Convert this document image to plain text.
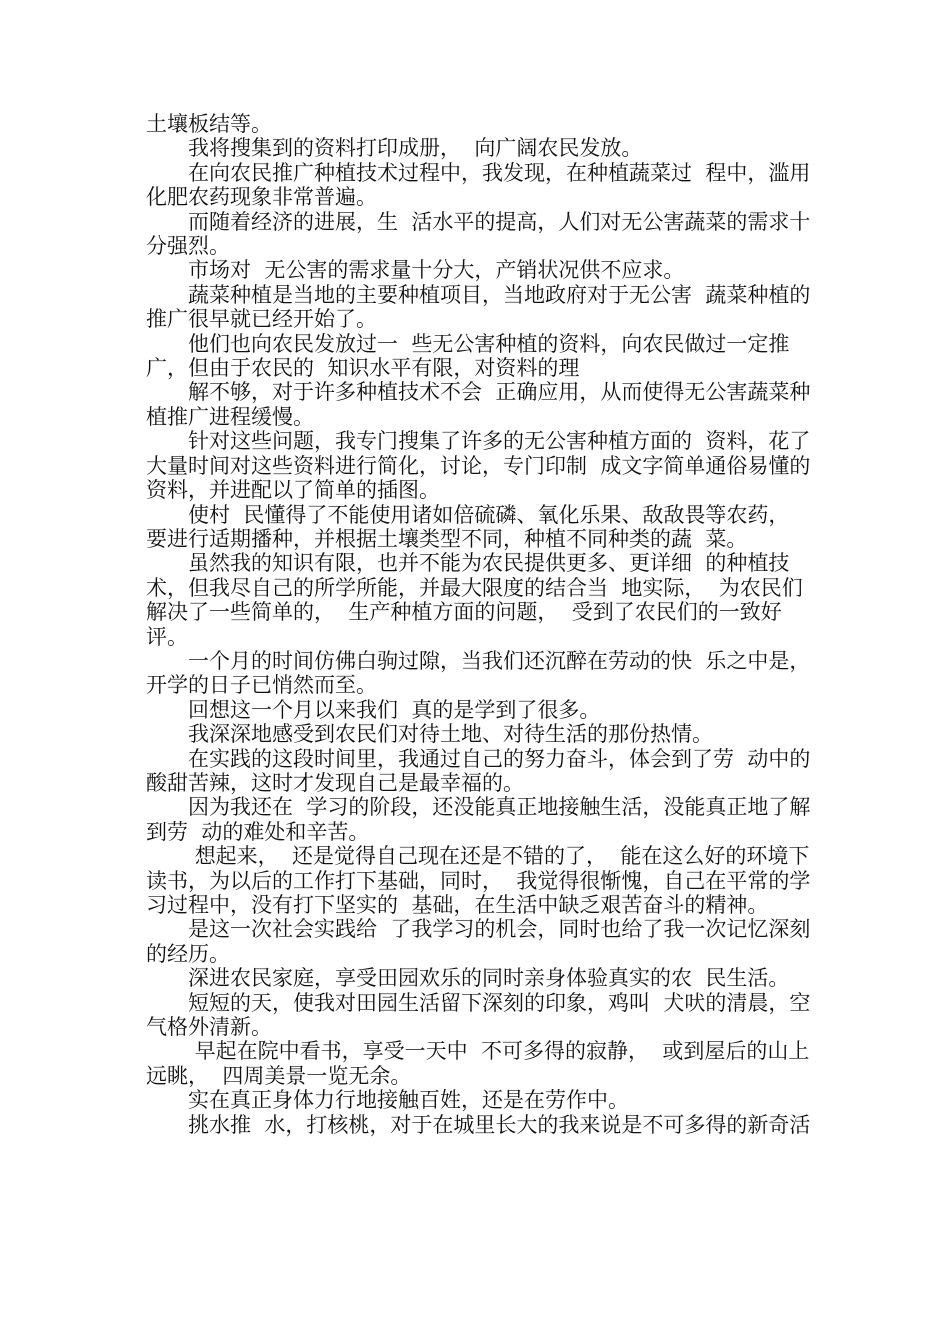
土壤板结等。

我将搜集到的资料打印成册，  向广阔农民发放。

在向农民推广种植技术过程中，我发现，在种植蔬菜过  程中，滥用化肥农药现象非常普遍。

而随着经济的进展，生  活水平的提高，人们对无公害蔬菜的需求十分强烈。

市场对  无公害的需求量十分大，产销状况供不应求。

蔬菜种植是当地的主要种植项目，当地政府对于无公害  蔬菜种植的推广很早就已经开始了。

他们也向农民发放过一  些无公害种植的资料，向农民做过一定推广，但由于农民的  知识水平有限，对资料的理

解不够，对于许多种植技术不会  正确应用，从而使得无公害蔬菜种植推广进程缓慢。

针对这些问题，我专门搜集了许多的无公害种植方面的  资料，花了大量时间对这些资料进行简化，讨论，专门印制  成文字简单通俗易懂的资料，并进配以了简单的插图。

使村  民懂得了不能使用诸如倍硫磷、氧化乐果、敌敌畏等农药， 要进行适期播种，并根据土壤类型不同，种植不同种类的蔬  菜。

虽然我的知识有限，也并不能为农民提供更多、更详细  的种植技术，但我尽自己的所学所能，并最大限度的结合当  地实际，  为农民们解决了一些简单的，  生产种植方面的问题，  受到了农民们的一致好评。

一个月的时间仿佛白驹过隙，当我们还沉醉在劳动的快  乐之中是，开学的日子已悄然而至。

回想这一个月以来我们  真的是学到了很多。

我深深地感受到农民们对待土地、对待生活的那份热情。

在实践的这段时间里，我通过自己的努力奋斗，体会到了劳  动中的酸甜苦辣，这时才发现自己是最幸福的。

因为我还在  学习的阶段，还没能真正地接触生活，没能真正地了解到劳  动的难处和辛苦。

想起来，  还是觉得自己现在还是不错的了，  能在这么好的环境下读书，为以后的工作打下基础，同时，  我觉得很惭愧，自己在平常的学习过程中，没有打下坚实的  基础，在生活中缺乏艰苦奋斗的精神。

是这一次社会实践给  了我学习的机会，同时也给了我一次记忆深刻的经历。

深进农民家庭，享受田园欢乐的同时亲身体验真实的农  民生活。

短短的天，使我对田园生活留下深刻的印象，鸡叫  犬吠的清晨，空气格外清新。

早起在院中看书，享受一天中  不可多得的寂静，  或到屋后的山上远眺，  四周美景一览无余。

实在真正身体力行地接触百姓，还是在劳作中。

挑水推  水，打核桃，对于在城里长大的我来说是不可多得的新奇活
